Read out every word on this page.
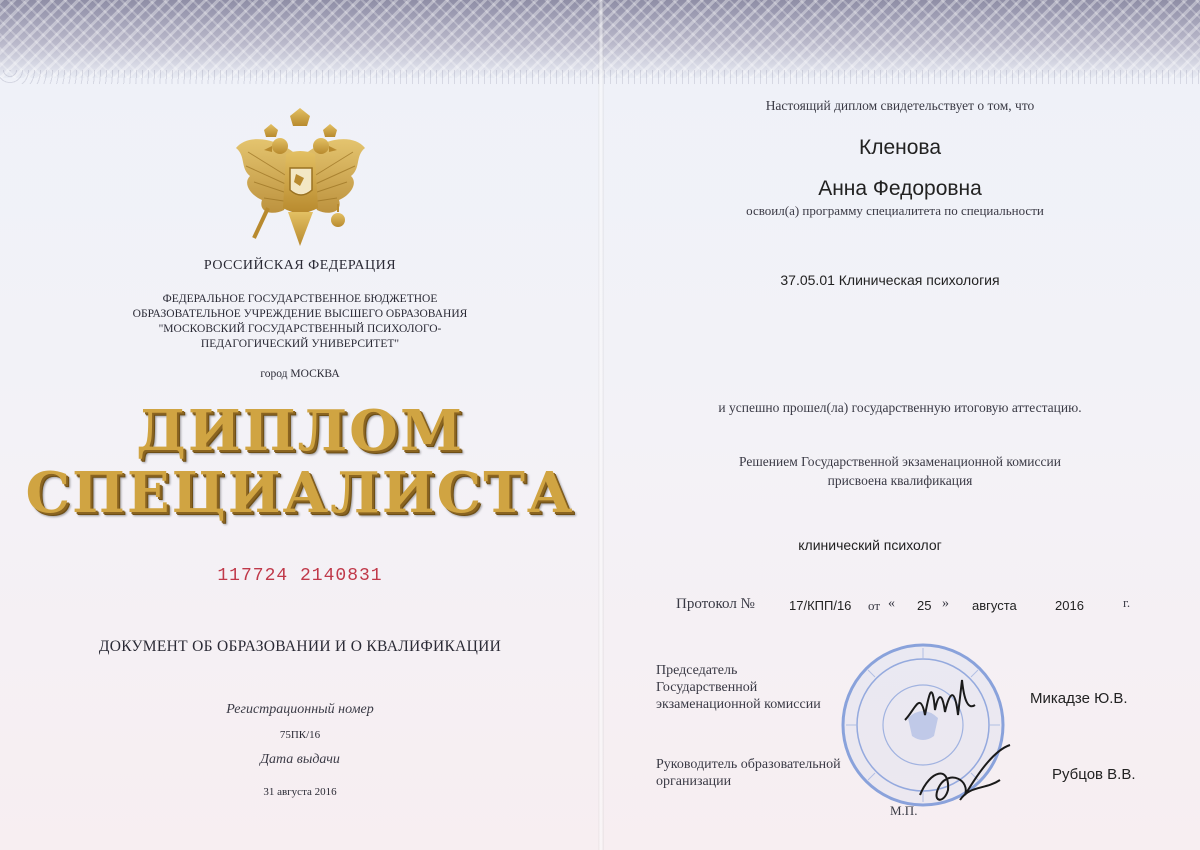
РОССИЙСКАЯ ФЕДЕРАЦИЯ
ФЕДЕРАЛЬНОЕ ГОСУДАРСТВЕННОЕ БЮДЖЕТНОЕ
ОБРАЗОВАТЕЛЬНОЕ УЧРЕЖДЕНИЕ ВЫСШЕГО ОБРАЗОВАНИЯ
"МОСКОВСКИЙ ГОСУДАРСТВЕННЫЙ ПСИХОЛОГО-
ПЕДАГОГИЧЕСКИЙ УНИВЕРСИТЕТ"
город МОСКВА
ДИПЛОМ
СПЕЦИАЛИСТА
117724 2140831
ДОКУМЕНТ ОБ ОБРАЗОВАНИИ И О КВАЛИФИКАЦИИ
Регистрационный номер
75ПК/16
Дата выдачи
31 августа 2016
Настоящий диплом свидетельствует о том, что
Кленова
Анна Федоровна
освоил(а) программу специалитета по специальности
37.05.01 Клиническая психология
и успешно прошел(ла) государственную итоговую аттестацию.
Решением Государственной экзаменационной комиссии
присвоена квалификация
клинический психолог
Протокол №	17/КПП/16 от « 25 » августа	2016	г.
Председатель
Государственной
экзаменационной комиссии	Микадзе Ю.В.
Руководитель образовательной
организации	Рубцов В.В.
М.П.
